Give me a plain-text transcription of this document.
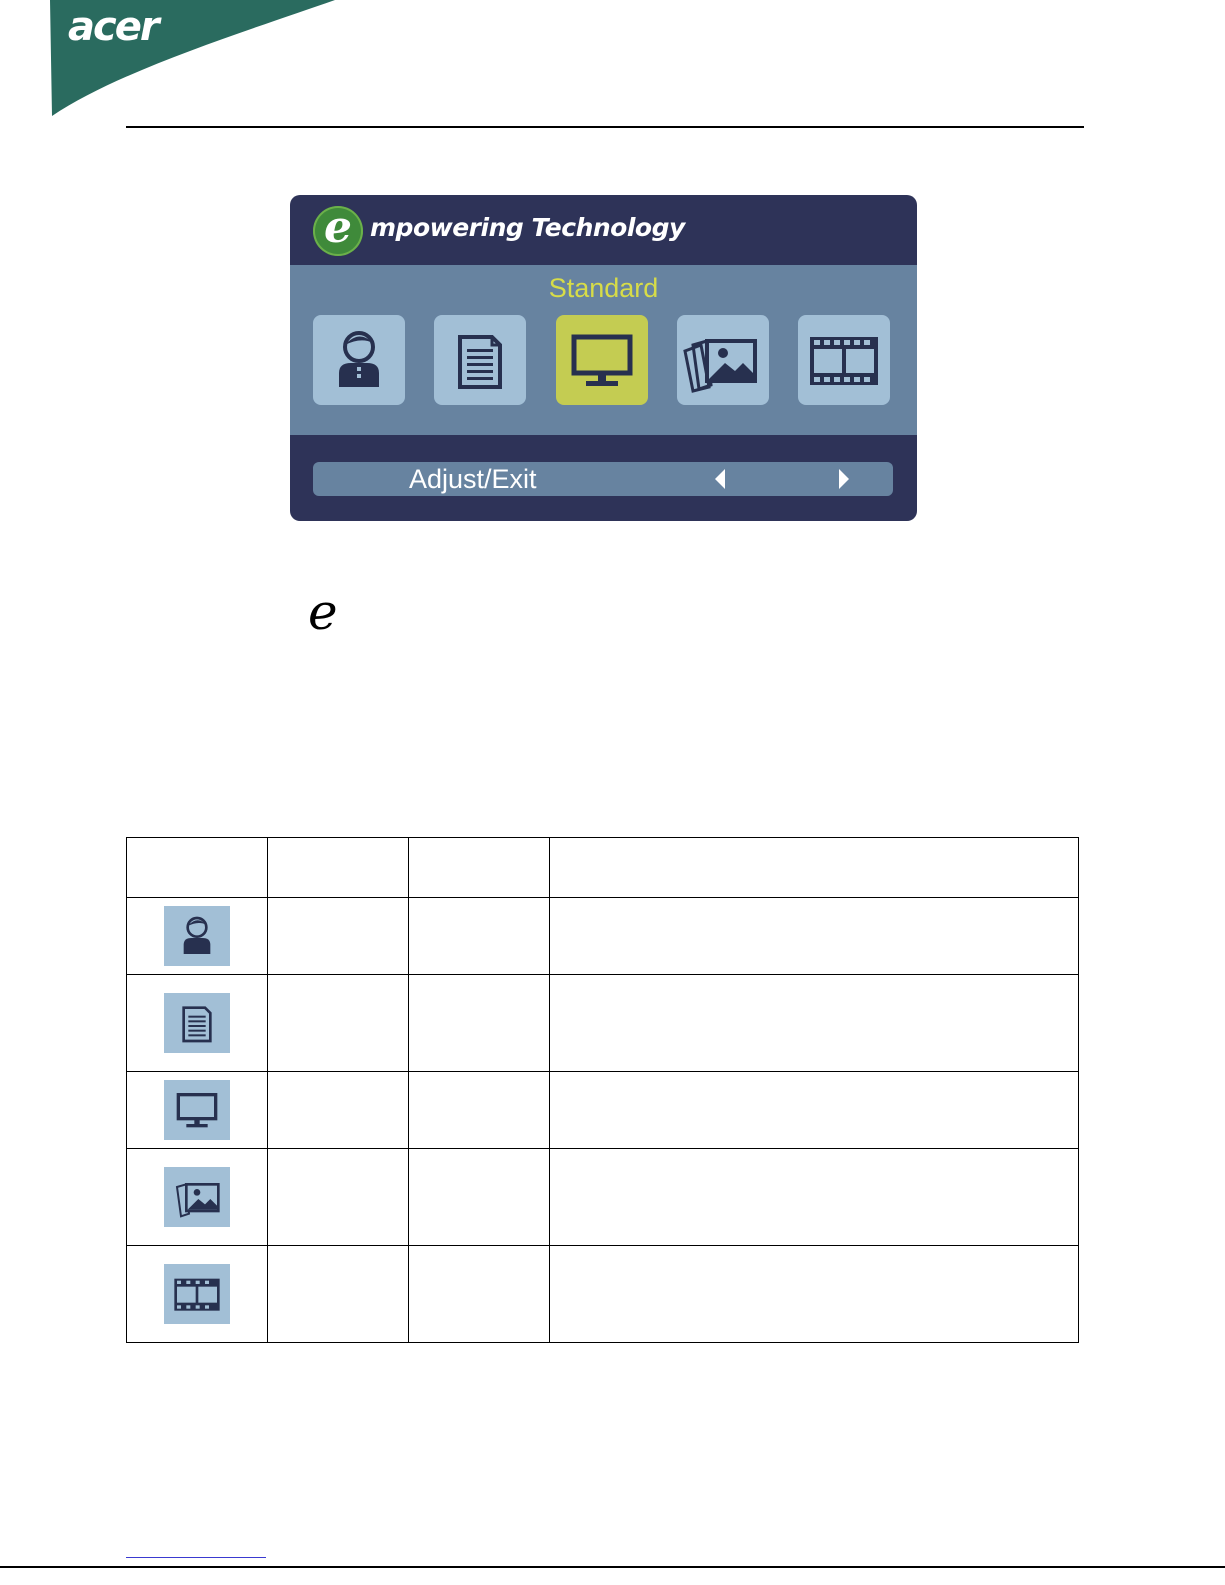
acer
e mpowering Technology
Standard
Adjust/Exit
e
